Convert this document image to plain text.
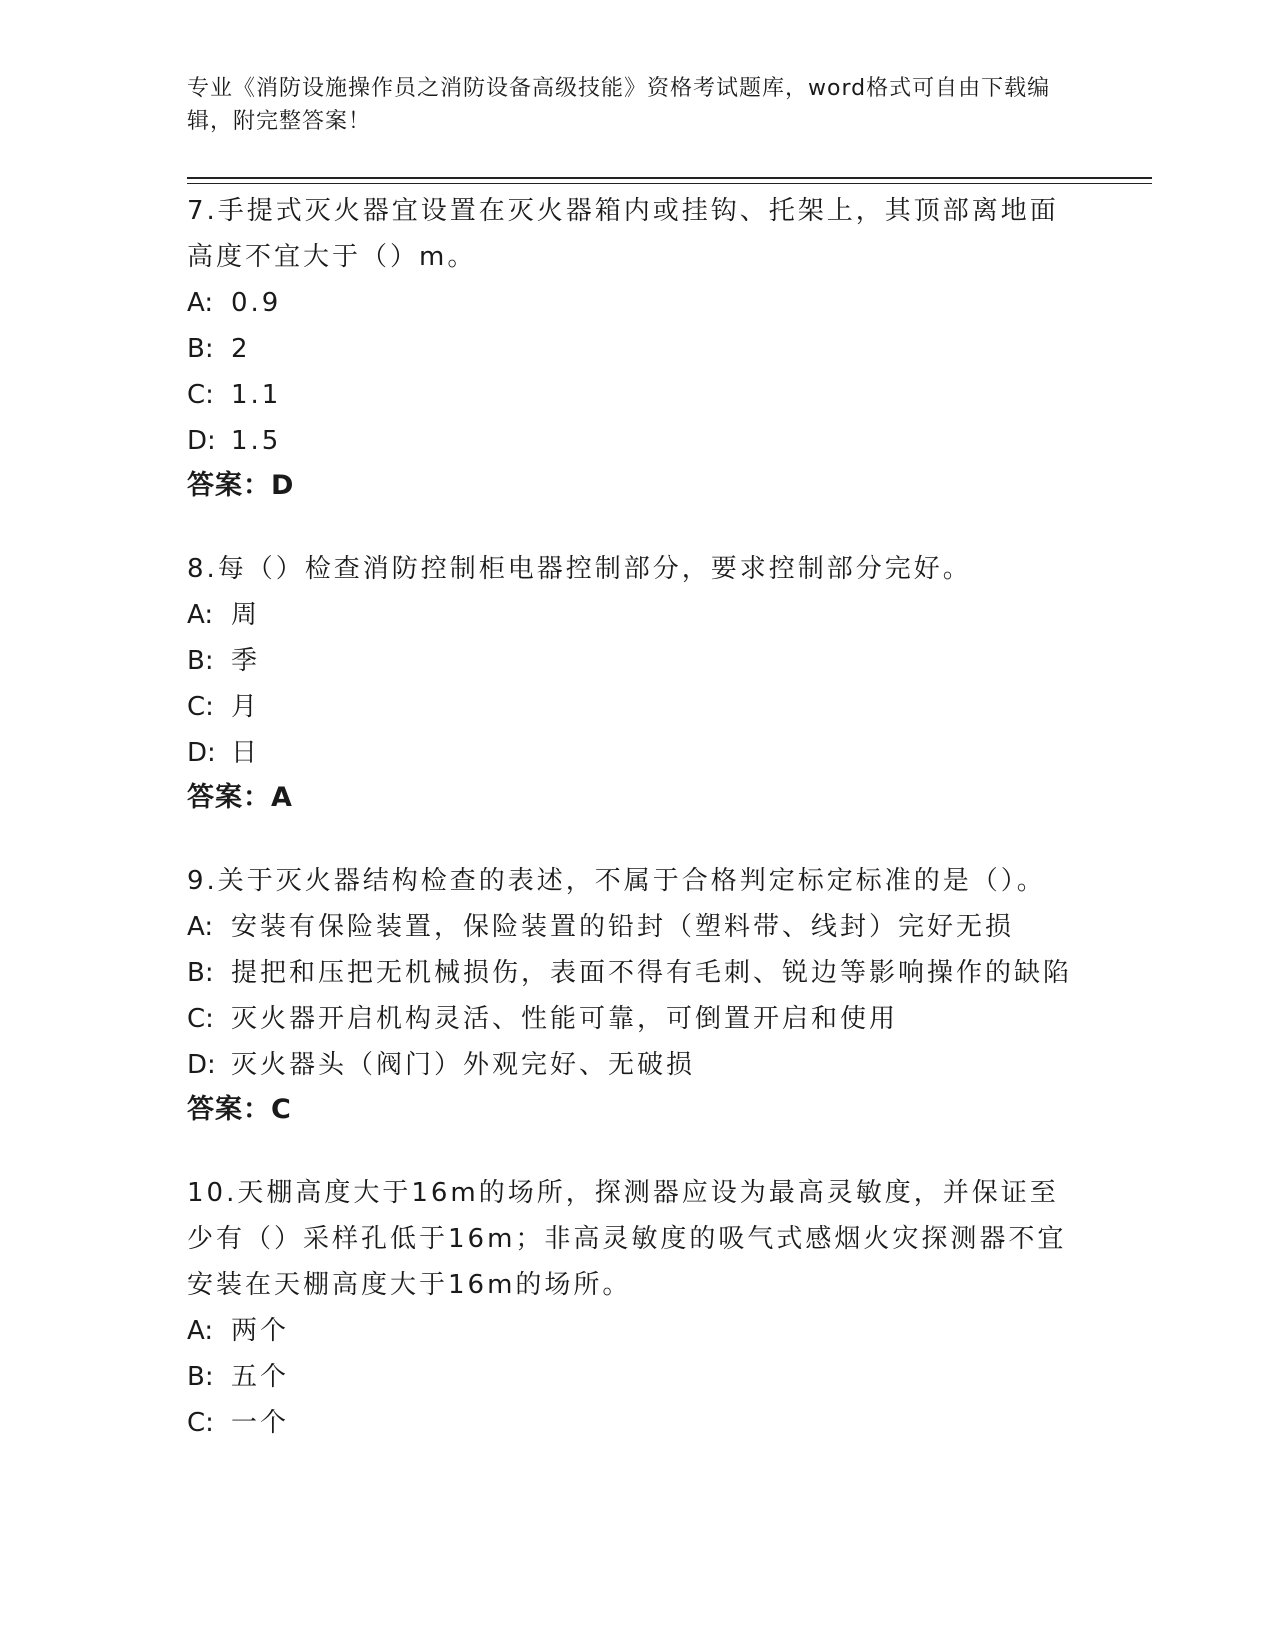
专业《消防设施操作员之消防设备高级技能》资格考试题库，word格式可自由下载编辑，附完整答案！

7.手提式灭火器宜设置在灭火器箱内或挂钩、托架上，其顶部离地面高度不宜大于（）m。

A: 0.9

B: 2

C: 1.1

D: 1.5

答案：D

8.每（）检查消防控制柜电器控制部分，要求控制部分完好。

A: 周

B: 季

C: 月

D: 日

答案：A

9.关于灭火器结构检查的表述，不属于合格判定标定标准的是（）。

A: 安装有保险装置，保险装置的铅封（塑料带、线封）完好无损

B: 提把和压把无机械损伤，表面不得有毛刺、锐边等影响操作的缺陷

C: 灭火器开启机构灵活、性能可靠，可倒置开启和使用

D: 灭火器头（阀门）外观完好、无破损

答案：C

10.天棚高度大于16m的场所，探测器应设为最高灵敏度，并保证至少有（）采样孔低于16m；非高灵敏度的吸气式感烟火灾探测器不宜安装在天棚高度大于16m的场所。

A: 两个

B: 五个

C: 一个
